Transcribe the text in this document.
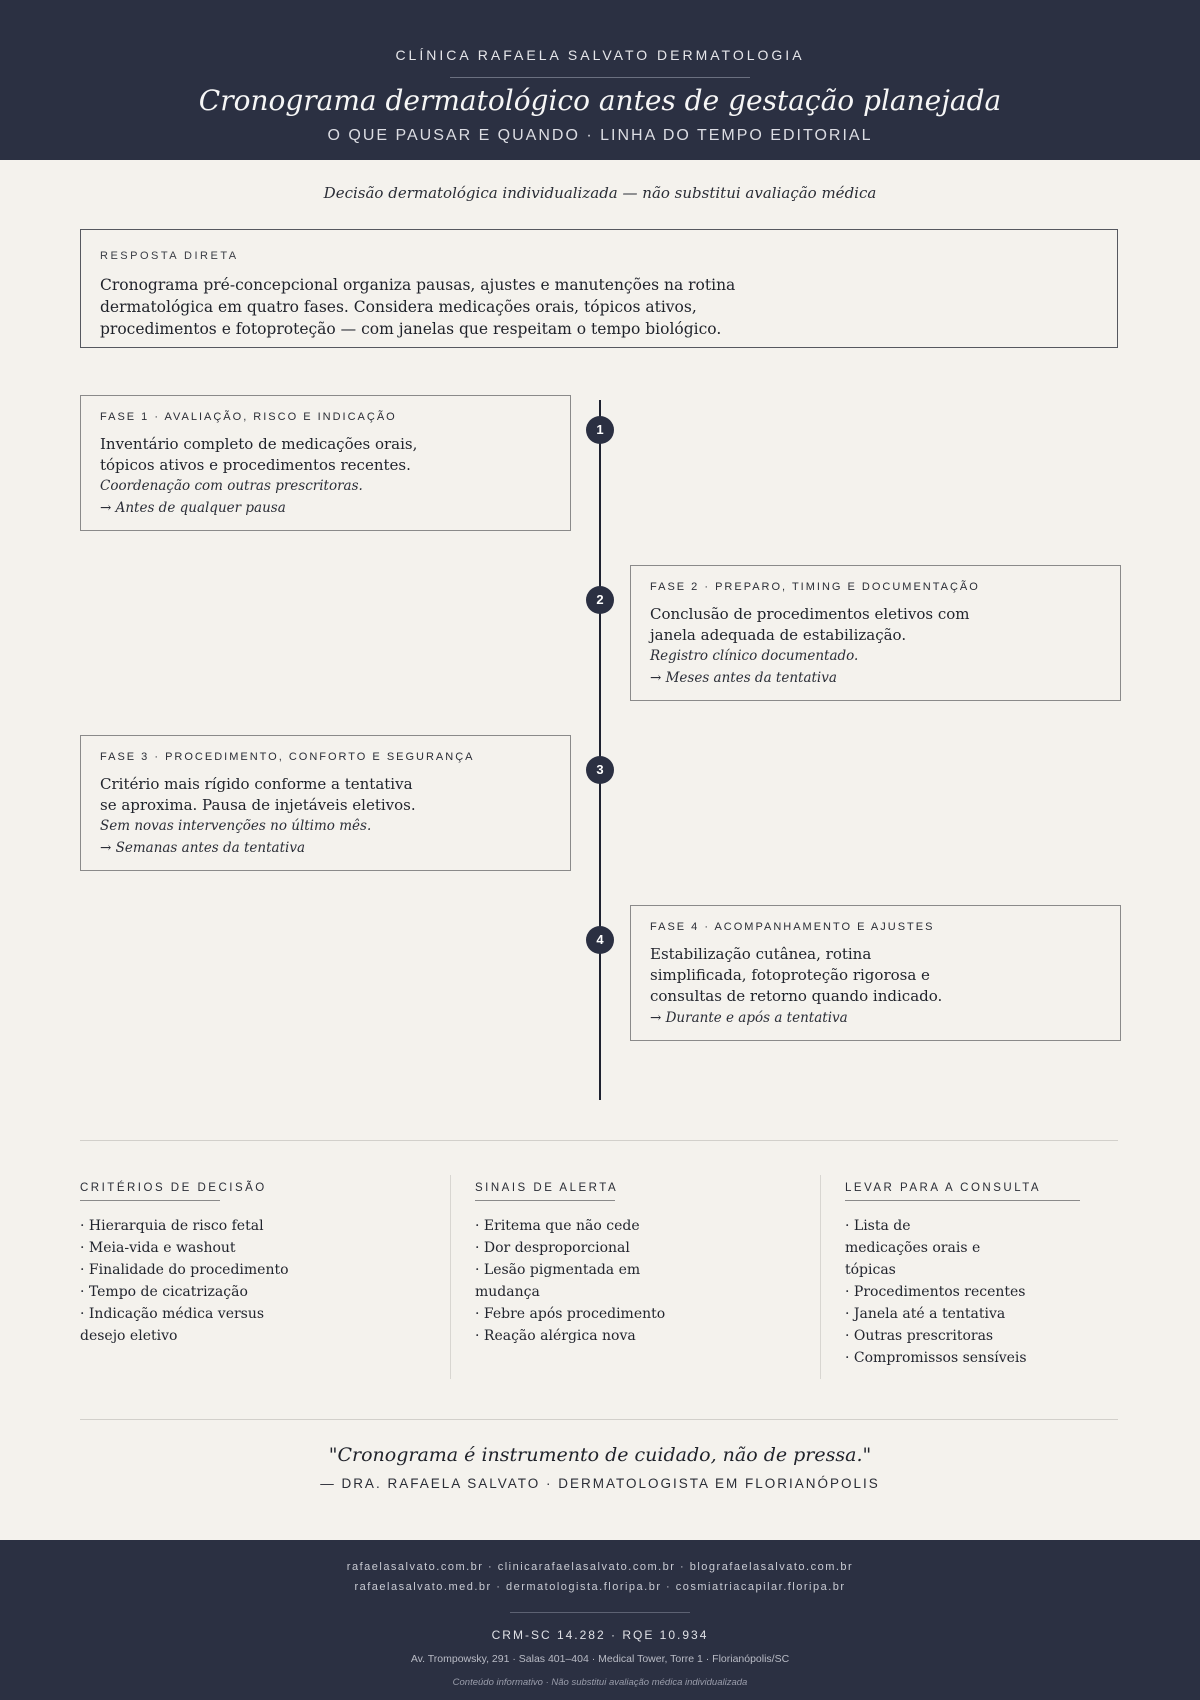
CLÍNICA RAFAELA SALVATO DERMATOLOGIA
Cronograma dermatológico antes de gestação planejada
O QUE PAUSAR E QUANDO · LINHA DO TEMPO EDITORIAL
Decisão dermatológica individualizada — não substitui avaliação médica
RESPOSTA DIRETA
Cronograma pré-concepcional organiza pausas, ajustes e manutenções na rotina dermatológica em quatro fases. Considera medicações orais, tópicos ativos, procedimentos e fotoproteção — com janelas que respeitam o tempo biológico.
1
FASE 1 · AVALIAÇÃO, RISCO E INDICAÇÃO
Inventário completo de medicações orais, tópicos ativos e procedimentos recentes.
Coordenação com outras prescritoras.
→ Antes de qualquer pausa
2
FASE 2 · PREPARO, TIMING E DOCUMENTAÇÃO
Conclusão de procedimentos eletivos com janela adequada de estabilização.
Registro clínico documentado.
→ Meses antes da tentativa
3
FASE 3 · PROCEDIMENTO, CONFORTO E SEGURANÇA
Critério mais rígido conforme a tentativa se aproxima. Pausa de injetáveis eletivos.
Sem novas intervenções no último mês.
→ Semanas antes da tentativa
4
FASE 4 · ACOMPANHAMENTO E AJUSTES
Estabilização cutânea, rotina simplificada, fotoproteção rigorosa e consultas de retorno quando indicado.
→ Durante e após a tentativa
CRITÉRIOS DE DECISÃO
· Hierarquia de risco fetal
· Meia-vida e washout
· Finalidade do procedimento
· Tempo de cicatrização
· Indicação médica versus desejo eletivo
SINAIS DE ALERTA
· Eritema que não cede
· Dor desproporcional
· Lesão pigmentada em mudança
· Febre após procedimento
· Reação alérgica nova
LEVAR PARA A CONSULTA
· Lista de medicações orais e tópicas
· Procedimentos recentes
· Janela até a tentativa
· Outras prescritoras
· Compromissos sensíveis
"Cronograma é instrumento de cuidado, não de pressa."
— DRA. RAFAELA SALVATO · DERMATOLOGISTA EM FLORIANÓPOLIS
rafaelasalvato.com.br · clinicarafaelasalvato.com.br · blografaelasalvato.com.br
rafaelasalvato.med.br · dermatologista.floripa.br · cosmiatriacapilar.floripa.br
CRM-SC 14.282 · RQE 10.934
Av. Trompowsky, 291 · Salas 401–404 · Medical Tower, Torre 1 · Florianópolis/SC
Conteúdo informativo · Não substitui avaliação médica individualizada
